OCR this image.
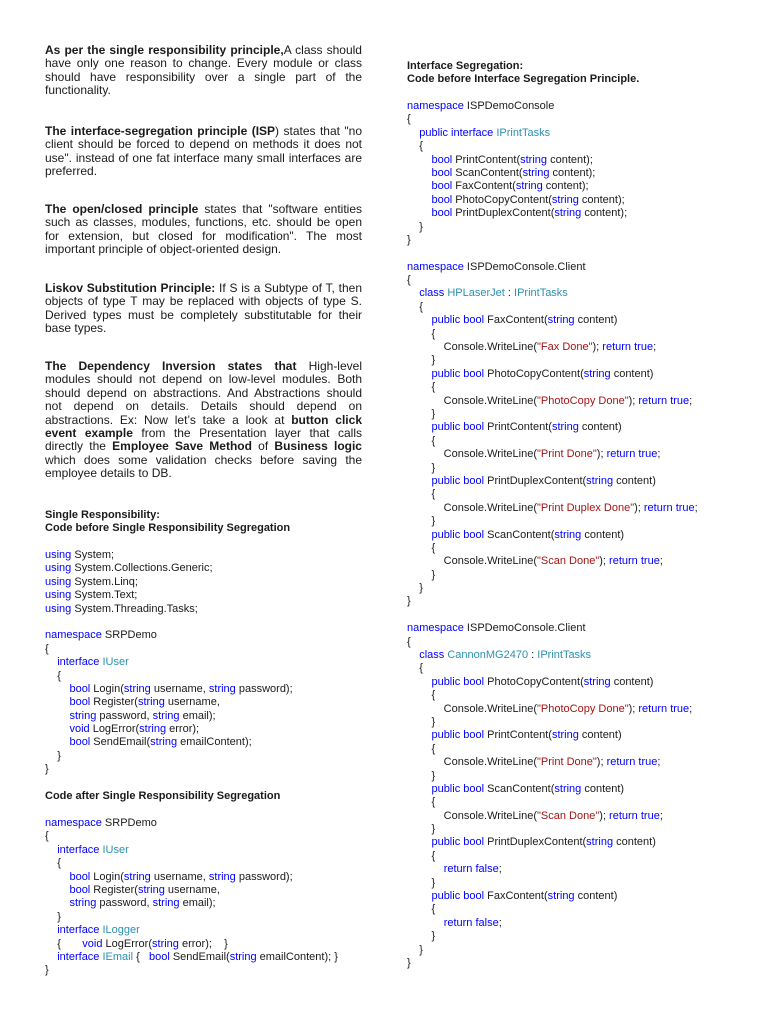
As per the single responsibility principle,A class should have only one reason to change. Every module or class should have responsibility over a single part of the functionality.

The interface-segregation principle (ISP) states that "no client should be forced to depend on methods it does not use". instead of one fat interface many small interfaces are preferred.

The open/closed principle states that "software entities such as classes, modules, functions, etc. should be open for extension, but closed for modification". The most important principle of object-oriented design.

Liskov Substitution Principle: If S is a Subtype of T, then objects of type T may be replaced with objects of type S. Derived types must be completely substitutable for their base types.

The Dependency Inversion states that High-level modules should not depend on low-level modules. Both should depend on abstractions. And Abstractions should not depend on details. Details should depend on abstractions. Ex: Now let’s take a look at button click event example from the Presentation layer that calls directly the Employee Save Method of Business logic which does some validation checks before saving the employee details to DB.

Single Responsibility:
Code before Single Responsibility Segregation
using System;
using System.Collections.Generic;
using System.Linq;
using System.Text;
using System.Threading.Tasks;
namespace SRPDemo
{
interface IUser
{
bool Login(string username, string password);
bool Register(string username,
string password, string email);
void LogError(string error);
bool SendEmail(string emailContent);
}
}
Code after Single Responsibility Segregation
namespace SRPDemo
{
interface IUser
{
bool Login(string username, string password);
bool Register(string username,
string password, string email);
}
interface ILogger
{       void LogError(string error);    }
interface IEmail {   bool SendEmail(string emailContent); }
}
Interface Segregation:
Code before Interface Segregation Principle.
namespace ISPDemoConsole
{
public interface IPrintTasks
{
bool PrintContent(string content);
bool ScanContent(string content);
bool FaxContent(string content);
bool PhotoCopyContent(string content);
bool PrintDuplexContent(string content);
}
}
namespace ISPDemoConsole.Client
{
class HPLaserJet : IPrintTasks
{
public bool FaxContent(string content)
{
Console.WriteLine("Fax Done"); return true;
}
public bool PhotoCopyContent(string content)
{
Console.WriteLine("PhotoCopy Done"); return true;
}
public bool PrintContent(string content)
{
Console.WriteLine("Print Done"); return true;
}
public bool PrintDuplexContent(string content)
{
Console.WriteLine("Print Duplex Done"); return true;
}
public bool ScanContent(string content)
{
Console.WriteLine("Scan Done"); return true;
}
}
}
namespace ISPDemoConsole.Client
{
class CannonMG2470 : IPrintTasks
{
public bool PhotoCopyContent(string content)
{
Console.WriteLine("PhotoCopy Done"); return true;
}
public bool PrintContent(string content)
{
Console.WriteLine("Print Done"); return true;
}
public bool ScanContent(string content)
{
Console.WriteLine("Scan Done"); return true;
}
public bool PrintDuplexContent(string content)
{
return false;
}
public bool FaxContent(string content)
{
return false;
}
}
}
